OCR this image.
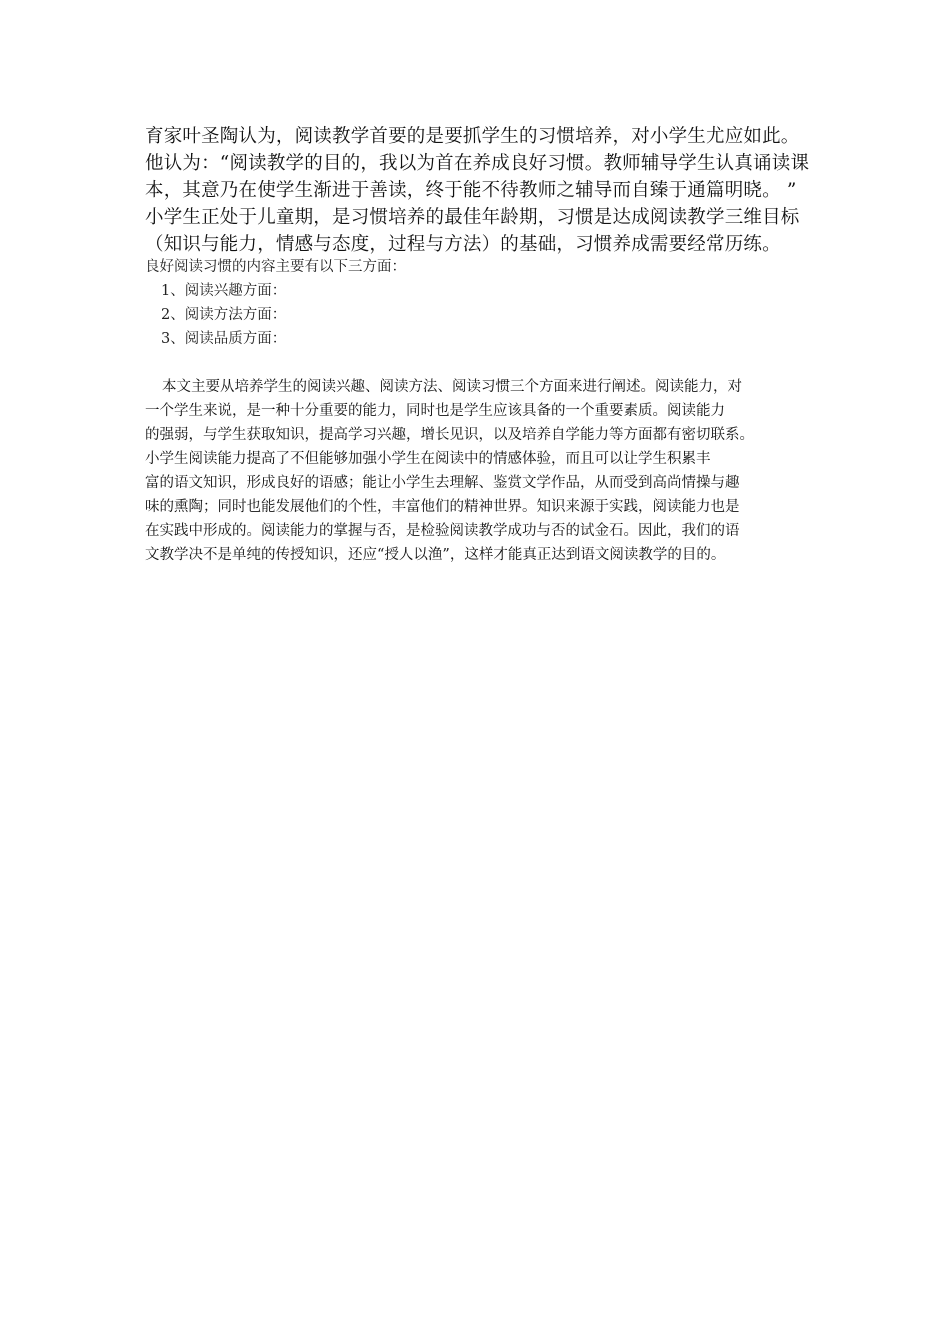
育家叶圣陶认为，阅读教学首要的是要抓学生的习惯培养，对小学生尤应如此。

他认为：“阅读教学的目的，我以为首在养成良好习惯。教师辅导学生认真诵读课

本，其意乃在使学生渐进于善读，终于能不待教师之辅导而自臻于通篇明晓。 ”

小学生正处于儿童期，是习惯培养的最佳年龄期，习惯是达成阅读教学三维目标

（知识与能力，情感与态度，过程与方法）的基础，习惯养成需要经常历练。

良好阅读习惯的内容主要有以下三方面：

1、阅读兴趣方面：

2、阅读方法方面：

3、阅读品质方面：

本文主要从培养学生的阅读兴趣、阅读方法、阅读习惯三个方面来进行阐述。阅读能力，对

一个学生来说，是一种十分重要的能力，同时也是学生应该具备的一个重要素质。阅读能力

的强弱，与学生获取知识，提高学习兴趣，增长见识，以及培养自学能力等方面都有密切联系。

小学生阅读能力提高了不但能够加强小学生在阅读中的情感体验，而且可以让学生积累丰

富的语文知识，形成良好的语感；能让小学生去理解、鉴赏文学作品，从而受到高尚情操与趣

味的熏陶；同时也能发展他们的个性，丰富他们的精神世界。知识来源于实践，阅读能力也是

在实践中形成的。阅读能力的掌握与否，是检验阅读教学成功与否的试金石。因此，我们的语

文教学决不是单纯的传授知识，还应“授人以渔”，这样才能真正达到语文阅读教学的目的。
